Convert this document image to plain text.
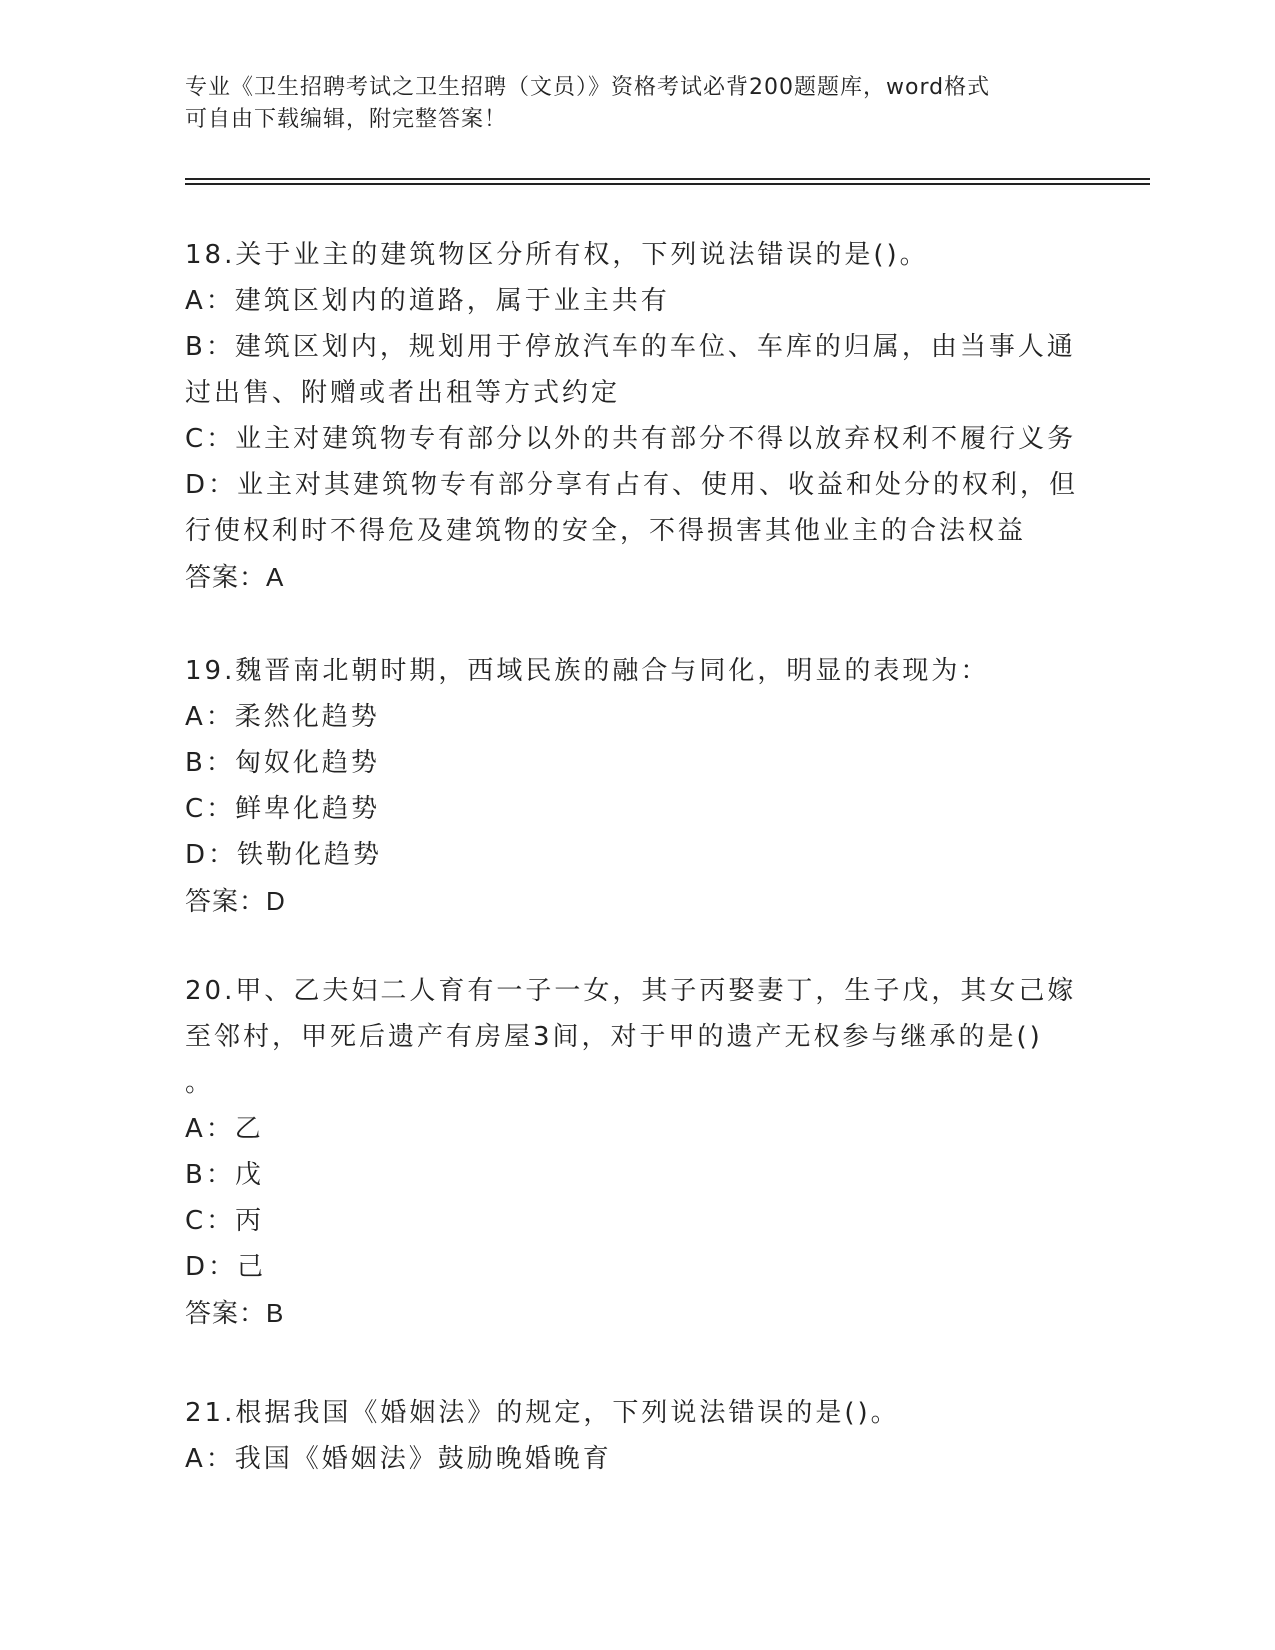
专业《卫生招聘考试之卫生招聘（文员）》资格考试必背200题题库，word格式
可自由下载编辑，附完整答案！
18.关于业主的建筑物区分所有权，下列说法错误的是()。
A：建筑区划内的道路，属于业主共有
B：建筑区划内，规划用于停放汽车的车位、车库的归属，由当事人通
过出售、附赠或者出租等方式约定
C：业主对建筑物专有部分以外的共有部分不得以放弃权利不履行义务
D：业主对其建筑物专有部分享有占有、使用、收益和处分的权利，但
行使权利时不得危及建筑物的安全，不得损害其他业主的合法权益
答案：A
19.魏晋南北朝时期，西域民族的融合与同化，明显的表现为：
A：柔然化趋势
B：匈奴化趋势
C：鲜卑化趋势
D：铁勒化趋势
答案：D
20.甲、乙夫妇二人育有一子一女，其子丙娶妻丁，生子戊，其女己嫁
至邻村，甲死后遗产有房屋3间，对于甲的遗产无权参与继承的是()
。
A：乙
B：戊
C：丙
D：己
答案：B
21.根据我国《婚姻法》的规定，下列说法错误的是()。
A：我国《婚姻法》鼓励晚婚晚育
